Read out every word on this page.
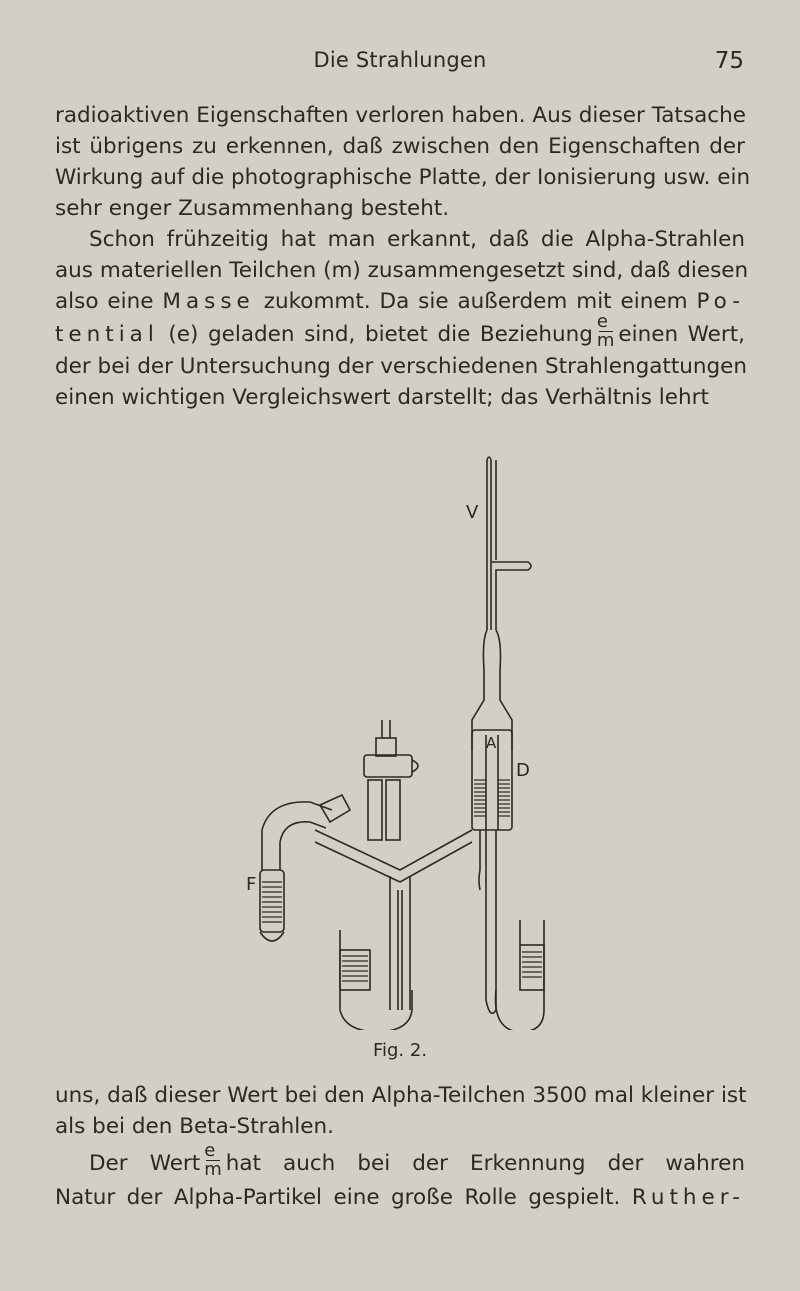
Die Strahlungen	75
radioaktiven Eigenschaften verloren haben. Aus dieser Tatsache
ist übrigens zu erkennen, daß zwischen den Eigenschaften der
Wirkung auf die photographische Platte, der Ionisierung usw. ein
sehr enger Zusammenhang besteht.
Schon frühzeitig hat man erkannt, daß die Alpha-Strahlen
aus materiellen Teilchen (m) zusammengesetzt sind, daß diesen
also eine Masse zukommt. Da sie außerdem mit einem Po-
tential (e) geladen sind, bietet die Beziehung $\frac{e}{m}$ einen Wert,
der bei der Untersuchung der verschiedenen Strahlengattungen
einen wichtigen Vergleichswert darstellt; das Verhältnis lehrt
V
A
D
F
Fig. 2.
uns, daß dieser Wert bei den Alpha-Teilchen 3500 mal kleiner ist
als bei den Beta-Strahlen.
Der Wert $\frac{e}{m}$ hat auch bei der Erkennung der wahren
Natur der Alpha-Partikel eine große Rolle gespielt. Ruther-
